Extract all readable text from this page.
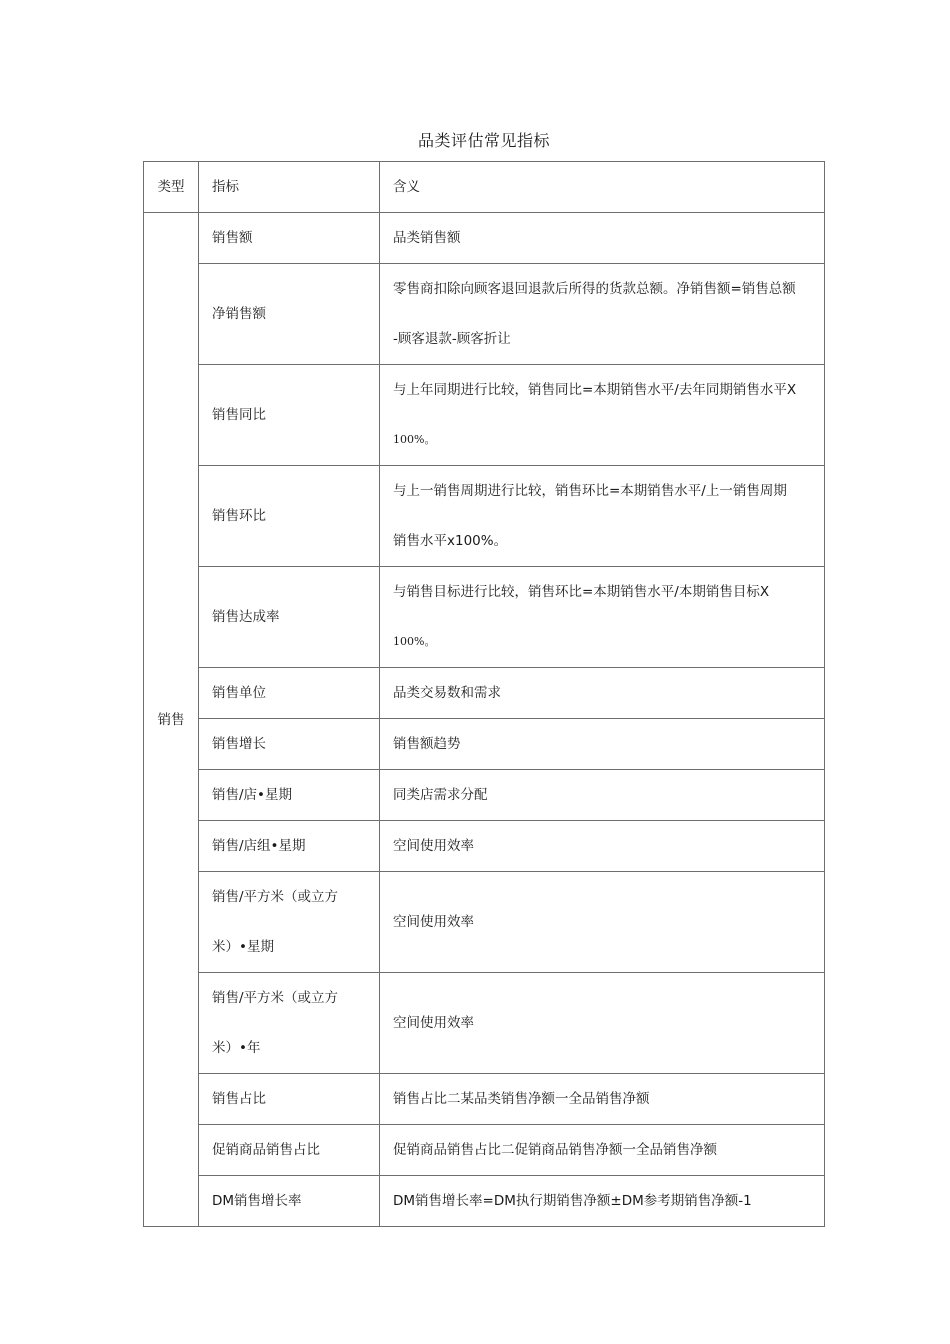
品类评估常见指标
类型	指标	含义
销售	销售额	品类销售额

	净销售额	零售商扣除向顾客退回退款后所得的货款总额。净销售额=销售总额
-顾客退款-顾客折让

	销售同比	与上年同期进行比较，销售同比=本期销售水平/去年同期销售水平X
100%。

	销售环比	与上一销售周期进行比较，销售环比=本期销售水平/上一销售周期
销售水平x100%。

	销售达成率	与销售目标进行比较，销售环比=本期销售水平/本期销售目标X
100%。

	销售单位	品类交易数和需求

	销售增长	销售额趋势

	销售/店•星期	同类店需求分配

	销售/店组•星期	空间使用效率

	销售/平方米（或立方
米）•星期	空间使用效率

	销售/平方米（或立方
米）•年	空间使用效率

	销售占比	销售占比二某品类销售净额一全品销售净额

	促销商品销售占比	促销商品销售占比二促销商品销售净额一全品销售净额

	DM销售增长率	DM销售增长率=DM执行期销售净额±DM参考期销售净额-1
